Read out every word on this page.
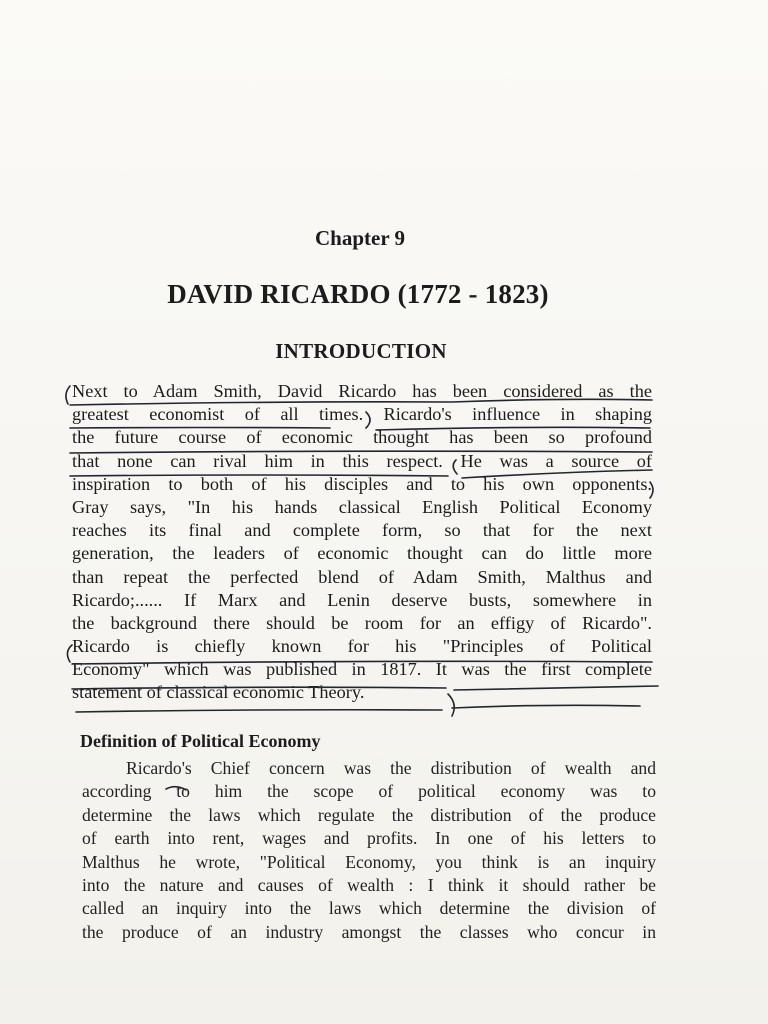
Chapter 9
DAVID RICARDO (1772 - 1823)
INTRODUCTION
Next to Adam Smith, David Ricardo has been considered as the
greatest economist of all times. Ricardo's influence in shaping
the future course of economic thought has been so profound
that none can rival him in this respect. He was a source of
inspiration to both of his disciples and to his own opponents.
Gray says, "In his hands classical English Political Economy
reaches its final and complete form, so that for the next
generation, the leaders of economic thought can do little more
than repeat the perfected blend of Adam Smith, Malthus and
Ricardo;...... If Marx and Lenin deserve busts, somewhere in
the background there should be room for an effigy of Ricardo".
Ricardo is chiefly known for his "Principles of Political
Economy" which was published in 1817. It was the first complete
statement of classical economic Theory.
Definition of Political Economy
Ricardo's Chief concern was the distribution of wealth and
according to him the scope of political economy was to
determine the laws which regulate the distribution of the produce
of earth into rent, wages and profits. In one of his letters to
Malthus he wrote, "Political Economy, you think is an inquiry
into the nature and causes of wealth : I think it should rather be
called an inquiry into the laws which determine the division of
the produce of an industry amongst the classes who concur in
